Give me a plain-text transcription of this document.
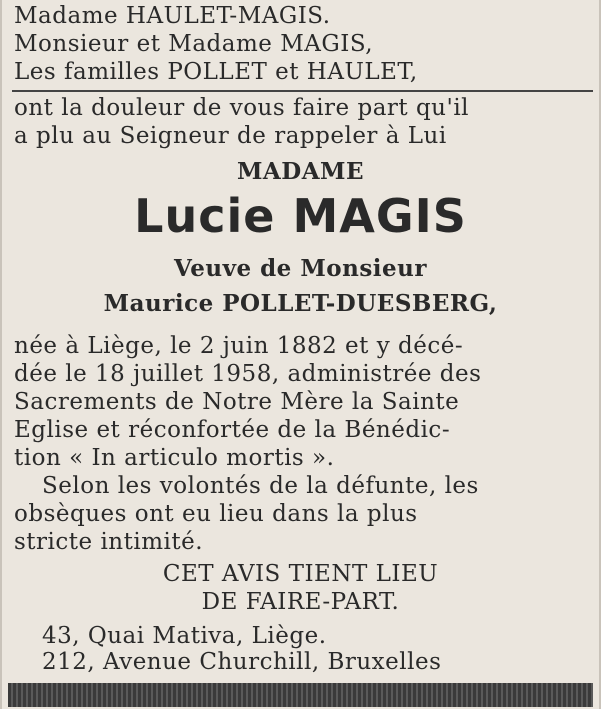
Madame HAULET-MAGIS.
Monsieur et Madame MAGIS,
Les familles POLLET et HAULET,
ont la douleur de vous faire part qu'il
a plu au Seigneur de rappeler à Lui
MADAME
Lucie MAGIS
Veuve de Monsieur
Maurice POLLET-DUESBERG,
née à Liège, le 2 juin 1882 et y décé-
dée le 18 juillet 1958, administrée des
Sacrements de Notre Mère la Sainte
Eglise et réconfortée de la Bénédic-
tion « In articulo mortis ».
Selon les volontés de la défunte, les
obsèques ont eu lieu dans la plus
stricte intimité.
CET AVIS TIENT LIEU
DE FAIRE-PART.
43, Quai Mativa, Liège.
212, Avenue Churchill, Bruxelles
